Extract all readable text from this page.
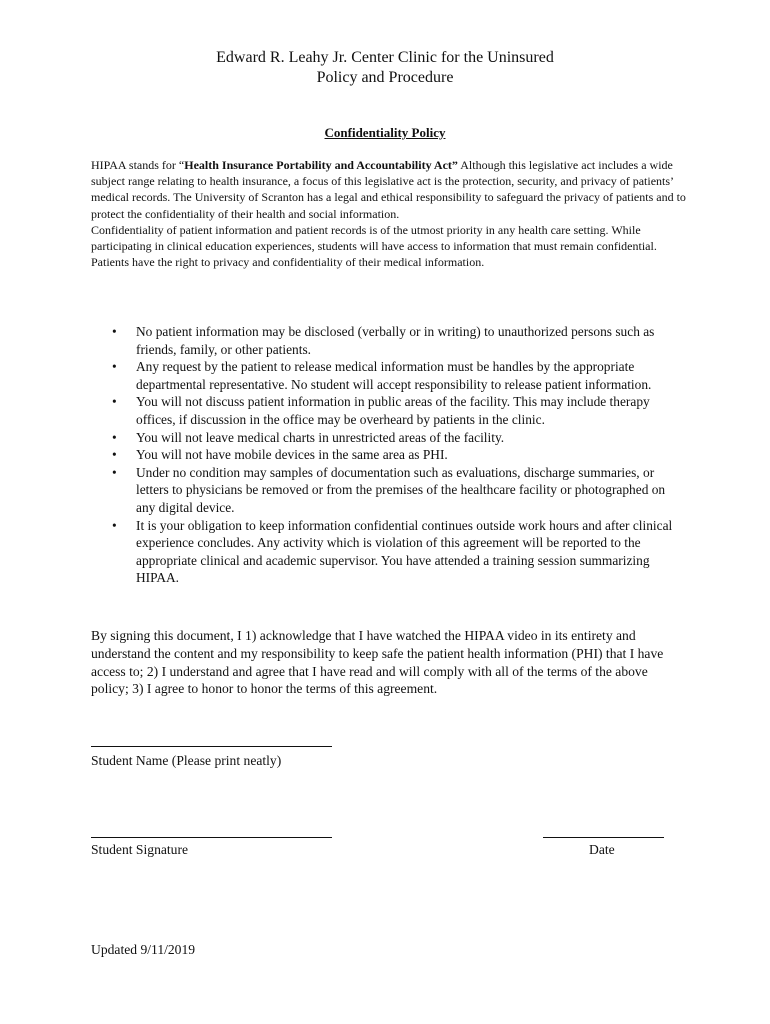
Edward R. Leahy Jr. Center Clinic for the Uninsured
Policy and Procedure
Confidentiality Policy

HIPAA stands for “Health Insurance Portability and Accountability Act” Although this legislative act includes a wide subject range relating to health insurance, a focus of this legislative act is the protection, security, and privacy of patients’ medical records. The University of Scranton has a legal and ethical responsibility to safeguard the privacy of patients and to protect the confidentiality of their health and social information.

Confidentiality of patient information and patient records is of the utmost priority in any health care setting. While participating in clinical education experiences, students will have access to information that must remain confidential. Patients have the right to privacy and confidentiality of their medical information.

• No patient information may be disclosed (verbally or in writing) to unauthorized persons such as friends, family, or other patients.
• Any request by the patient to release medical information must be handles by the appropriate departmental representative. No student will accept responsibility to release patient information.
• You will not discuss patient information in public areas of the facility. This may include therapy offices, if discussion in the office may be overheard by patients in the clinic.
• You will not leave medical charts in unrestricted areas of the facility.
• You will not have mobile devices in the same area as PHI.
• Under no condition may samples of documentation such as evaluations, discharge summaries, or letters to physicians be removed or from the premises of the healthcare facility or photographed on any digital device.
• It is your obligation to keep information confidential continues outside work hours and after clinical experience concludes. Any activity which is violation of this agreement will be reported to the appropriate clinical and academic supervisor. You have attended a training session summarizing HIPAA.

By signing this document, I 1) acknowledge that I have watched the HIPAA video in its entirety and understand the content and my responsibility to keep safe the patient health information (PHI) that I have access to; 2) I understand and agree that I have read and will comply with all of the terms of the above policy; 3) I agree to honor to honor the terms of this agreement.

Student Name (Please print neatly)
Student Signature	Date
Updated 9/11/2019
